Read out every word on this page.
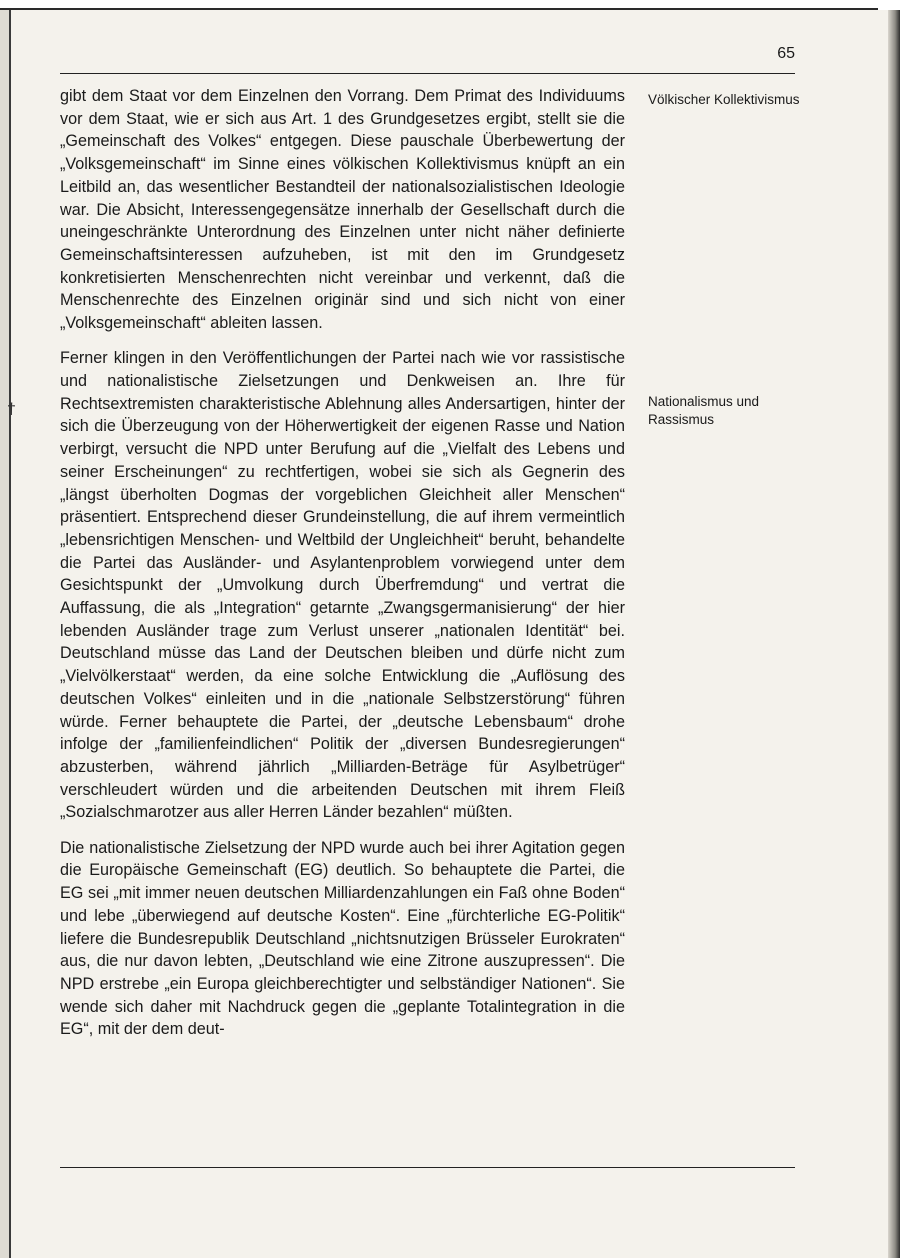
†
65

gibt dem Staat vor dem Einzelnen den Vorrang. Dem Primat des Individuums vor dem Staat, wie er sich aus Art. 1 des Grundgesetzes ergibt, stellt sie die „Gemeinschaft des Volkes“ entgegen. Diese pauschale Überbewertung der „Volksgemeinschaft“ im Sinne eines völkischen Kollektivismus knüpft an ein Leitbild an, das wesentlicher Bestandteil der nationalsozialistischen Ideologie war. Die Absicht, Interessengegensätze innerhalb der Gesellschaft durch die uneingeschränkte Unterordnung des Einzelnen unter nicht näher definierte Gemeinschaftsinteressen aufzuheben, ist mit den im Grundgesetz konkretisierten Menschenrechten nicht vereinbar und verkennt, daß die Menschenrechte des Einzelnen originär sind und sich nicht von einer „Volksgemeinschaft“ ableiten lassen.

Ferner klingen in den Veröffentlichungen der Partei nach wie vor rassistische und nationalistische Zielsetzungen und Denkweisen an. Ihre für Rechtsextremisten charakteristische Ablehnung alles Andersartigen, hinter der sich die Überzeugung von der Höherwertigkeit der eigenen Rasse und Nation verbirgt, versucht die NPD unter Berufung auf die „Vielfalt des Lebens und seiner Erscheinungen“ zu rechtfertigen, wobei sie sich als Gegnerin des „längst überholten Dogmas der vorgeblichen Gleichheit aller Menschen“ präsentiert. Entsprechend dieser Grundeinstellung, die auf ihrem vermeintlich „lebensrichtigen Menschen- und Weltbild der Ungleichheit“ beruht, behandelte die Partei das Ausländer- und Asylantenproblem vorwiegend unter dem Gesichtspunkt der „Umvolkung durch Überfremdung“ und vertrat die Auffassung, die als „Integration“ getarnte „Zwangsgermanisierung“ der hier lebenden Ausländer trage zum Verlust unserer „nationalen Identität“ bei. Deutschland müsse das Land der Deutschen bleiben und dürfe nicht zum „Vielvölkerstaat“ werden, da eine solche Entwicklung die „Auflösung des deutschen Volkes“ einleiten und in die „nationale Selbstzerstörung“ führen würde. Ferner behauptete die Partei, der „deutsche Lebensbaum“ drohe infolge der „familienfeindlichen“ Politik der „diversen Bundesregierungen“ abzusterben, während jährlich „Milliarden-Beträge für Asylbetrüger“ verschleudert würden und die arbeitenden Deutschen mit ihrem Fleiß „Sozialschmarotzer aus aller Herren Länder bezahlen“ müßten.

Die nationalistische Zielsetzung der NPD wurde auch bei ihrer Agitation gegen die Europäische Gemeinschaft (EG) deutlich. So behauptete die Partei, die EG sei „mit immer neuen deutschen Milliardenzahlungen ein Faß ohne Boden“ und lebe „überwiegend auf deutsche Kosten“. Eine „fürchterliche EG-Politik“ liefere die Bundesrepublik Deutschland „nichtsnutzigen Brüsseler Eurokraten“ aus, die nur davon lebten, „Deutschland wie eine Zitrone auszupressen“. Die NPD erstrebe „ein Europa gleichberechtigter und selbständiger Nationen“. Sie wende sich daher mit Nachdruck gegen die „geplante Totalintegration in die EG“, mit der dem deut-

Völkischer Kollektivismus
Nationalismus und Rassismus
